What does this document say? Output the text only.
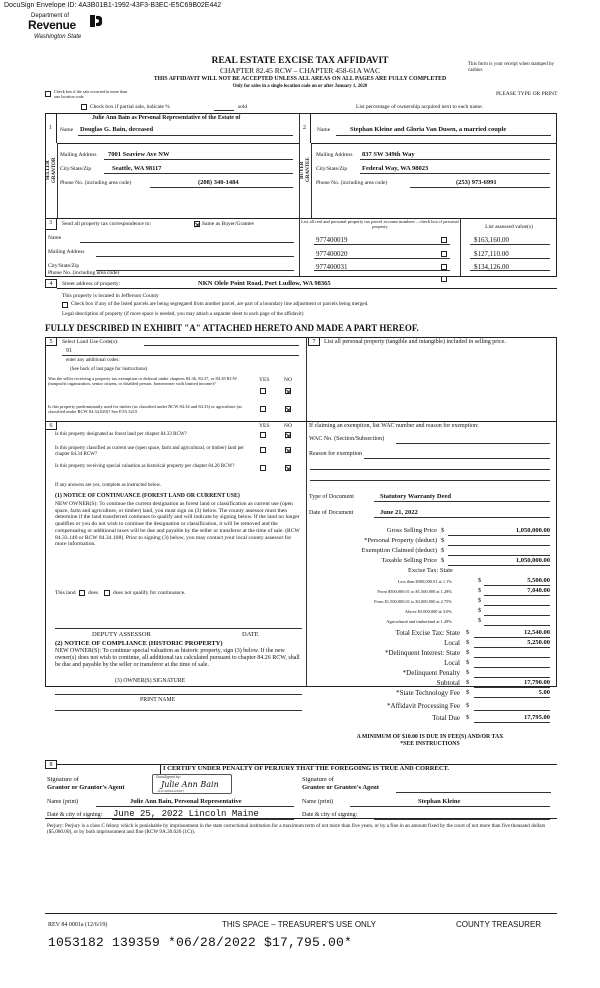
DocuSign Envelope ID: 4A3B01B1-1992-43F3-B3EC-E5C69B02E442
Department of
Revenue
Washington State
REAL ESTATE EXCISE TAX AFFIDAVIT
CHAPTER 82.45 RCW – CHAPTER 458-61A WAC
THIS AFFIDAVIT WILL NOT BE ACCEPTED UNLESS ALL AREAS ON ALL PAGES ARE FULLY COMPLETED
Only for sales in a single location code on or after January 1, 2020
This form is your receipt when stamped by cashier.
PLEASE TYPE OR PRINT
Check box if the sale occurred in more than one location code.
Check box if partial sale, indicate %	sold	List percentage of ownership acquired next to each name.
1
SELLER GRANTOR
Julie Ann Bain as Personal Representative of the Estate of
Name Douglas G. Bain, deceased
Mailing Address 7001 Seaview Ave NW
City/State/Zip	Seattle, WA 98117
Phone No. (including area code)	(208) 340-1484
2
BUYER GRANTEE
Name	Stephan Kleine and Gloria Van Dusen, a married couple
Mailing Address 837 SW 349th Way
City/State/Zip Federal Way, WA 98023
Phone No. (including area code)	(253) 973-6991
3	Send all property tax correspondence to:	Same as Buyer/Grantee
Name
Mailing Address
City/State/Zip
Phone No. (including area code)
List all real and personal property tax parcel account numbers – check box if personal property	List assessed value(s)
977400019	$163,160.00
977400020	$127,110.00
977400031	$134,126.00
4	Street address of property:	NKN Olele Point Road, Port Ludlow, WA 98365
This property is located in Jefferson County
Check box if any of the listed parcels are being segregated from another parcel, are part of a boundary line adjustment or parcels being merged.
Legal description of property (if more space is needed, you may attach a separate sheet to each page of the affidavit)
FULLY DESCRIBED IN EXHIBIT "A" ATTACHED HERETO AND MADE A PART HEREOF.
5	Select Land Use Code(s):
91
enter any additional codes:
(See back of last page for instructions)
YES	NO
Was the seller receiving a property tax exemption or deferral under chapters 84.36, 84.37, or 84.38 RCW (nonprofit organization, senior citizen, or disabled person, homeowner with limited income)?
Is this property predominantly used for timber (as classified under RCW 84.34 and 84.33) or agriculture (as classified under RCW 84.34.020)? See ETA 3215
6	YES	NO
Is this property designated as forest land per chapter 84.33 RCW?
Is this property classified as current use (open space, farm and agricultural, or timber) land per chapter 84.34 RCW?
Is this property receiving special valuation as historical property per chapter 84.26 RCW?
If any answers are yes, complete as instructed below.
(1) NOTICE OF CONTINUANCE (FOREST LAND OR CURRENT USE)
NEW OWNER(S): To continue the current designation as forest land or classification as current use (open space, farm and agriculture, or timber) land, you must sign on (3) below. The county assessor must then determine if the land transferred continues to qualify and will indicate by signing below. If the land no longer qualifies or you do not wish to continue the designation or classification, it will be removed and the compensating or additional taxes will be due and payable by the seller or transferor at the time of sale. (RCW 84.33.140 or RCW 84.34.108). Prior to signing (3) below, you may contact your local county assessor for more information.
This land does	does not qualify for continuance.
DEPUTY ASSESSOR	DATE
(2) NOTICE OF COMPLIANCE (HISTORIC PROPERTY)
NEW OWNER(S): To continue special valuation as historic property, sign (3) below. If the new owner(s) does not wish to continue, all additional tax calculated pursuant to chapter 84.26 RCW, shall be due and payable by the seller or transferor at the time of sale.
(3) OWNER(S) SIGNATURE
PRINT NAME
7	List all personal property (tangible and intangible) included in selling price.
If claiming an exemption, list WAC number and reason for exemption:
WAC No. (Section/Subsection)
Reason for exemption
Type of Document	Statutory Warranty Deed
Date of Document	June 21, 2022
Gross Selling Price $	1,050,000.00
*Personal Property (deduct) $
Exemption Claimed (deduct) $
Taxable Selling Price $	1,050,000.00
Excise Tax: State
Less than $500,000.01 at 1.1%	$	5,500.00
From $500,000.01 to $1,500,000 at 1.28%	$	7,040.00
From $1,500,000.01 to $3,000,000 at 2.75%	$
Above $3,000,000 at 3.0%	$
Agricultural and timberland at 1.28%	$
Total Excise Tax: State $	12,540.00
Local $	5,250.00
*Delinquent Interest: State $
Local $
*Delinquent Penalty $
Subtotal $	17,790.00
*State Technology Fee $	5.00
*Affidavit Processing Fee $
Total Due $	17,795.00
A MINIMUM OF $10.00 IS DUE IN FEE(S) AND/OR TAX
*SEE INSTRUCTIONS
8	I CERTIFY UNDER PENALTY OF PERJURY THAT THE FOREGOING IS TRUE AND CORRECT.
Signature of
Grantor or Grantor's Agent
DocuSigned by:
Julie Ann Bain
4F1C9B5E0A2D4B7
Signature of
Grantee or Grantee's Agent
Name (print)	Julie Ann Bain, Personal Representative	Name (print)	Stephan Kleine
Date & city of signing: June 25, 2022 Lincoln Maine	Date & city of signing:
Perjury: Perjury is a class C felony which is punishable by imprisonment in the state correctional institution for a maximum term of not more than five years, or by a fine in an amount fixed by the court of not more than five thousand dollars ($5,000.00), or by both imprisonment and fine (RCW 9A.20.020 (1C)).
REV 84 0001a (12/6/19)	THIS SPACE – TREASURER'S USE ONLY	COUNTY TREASURER
1053182 139359 *06/28/2022 $17,795.00*
